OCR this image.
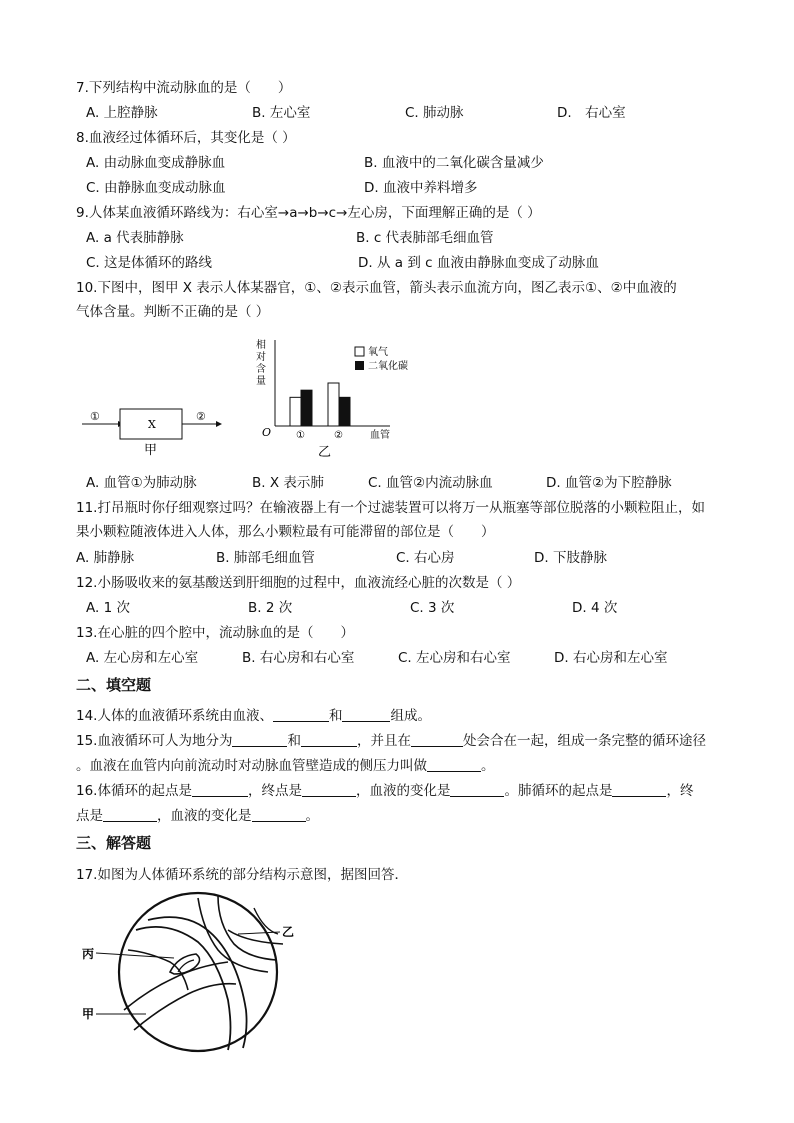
7.下列结构中流动脉血的是（　　）
A. 上腔静脉	B. 左心室	C. 肺动脉	D.　右心室
8.血液经过体循环后，其变化是（ ）
A. 由动脉血变成静脉血	B. 血液中的二氧化碳含量减少
C. 由静脉血变成动脉血	D. 血液中养料增多
9.人体某血液循环路线为：右心室→a→b→c→左心房，下面理解正确的是（ ）
A. a 代表肺静脉	B. c 代表肺部毛细血管
C. 这是体循环的路线	D. 从 a 到 c 血液由静脉血变成了动脉血
10.下图中，图甲 X 表示人体某器官，①、②表示血管，箭头表示血流方向，图乙表示①、②中血液的
气体含量。判断不正确的是（ ）
①
X
②
甲
相
对
含
量
O	血管
氧气
二氧化碳
①	②
乙
A. 血管①为肺动脉	B. X 表示肺	C. 血管②内流动脉血	D. 血管②为下腔静脉
11.打吊瓶时你仔细观察过吗？在输液器上有一个过滤装置可以将万一从瓶塞等部位脱落的小颗粒阻止，如
果小颗粒随液体进入人体，那么小颗粒最有可能滞留的部位是（　　）
A. 肺静脉	B. 肺部毛细血管	C. 右心房	D. 下肢静脉
12.小肠吸收来的氨基酸送到肝细胞的过程中，血液流经心脏的次数是（ ）
A. 1 次	B. 2 次	C. 3 次	D. 4 次
13.在心脏的四个腔中，流动脉血的是（　　）
A. 左心房和左心室	B. 右心房和右心室	C. 左心房和右心室	D. 右心房和左心室
二、填空题
14.人体的血液循环系统由血液、	和	组成。
15.血液循环可人为地分为	和	，并且在	处会合在一起，组成一条完整的循环途径
。血液在血管内向前流动时对动脉血管壁造成的侧压力叫做	。
16.体循环的起点是	，终点是	，血液的变化是	。肺循环的起点是	，终
点是	，血液的变化是	。
三、解答题
17.如图为人体循环系统的部分结构示意图，据图回答．
丙
乙
甲
